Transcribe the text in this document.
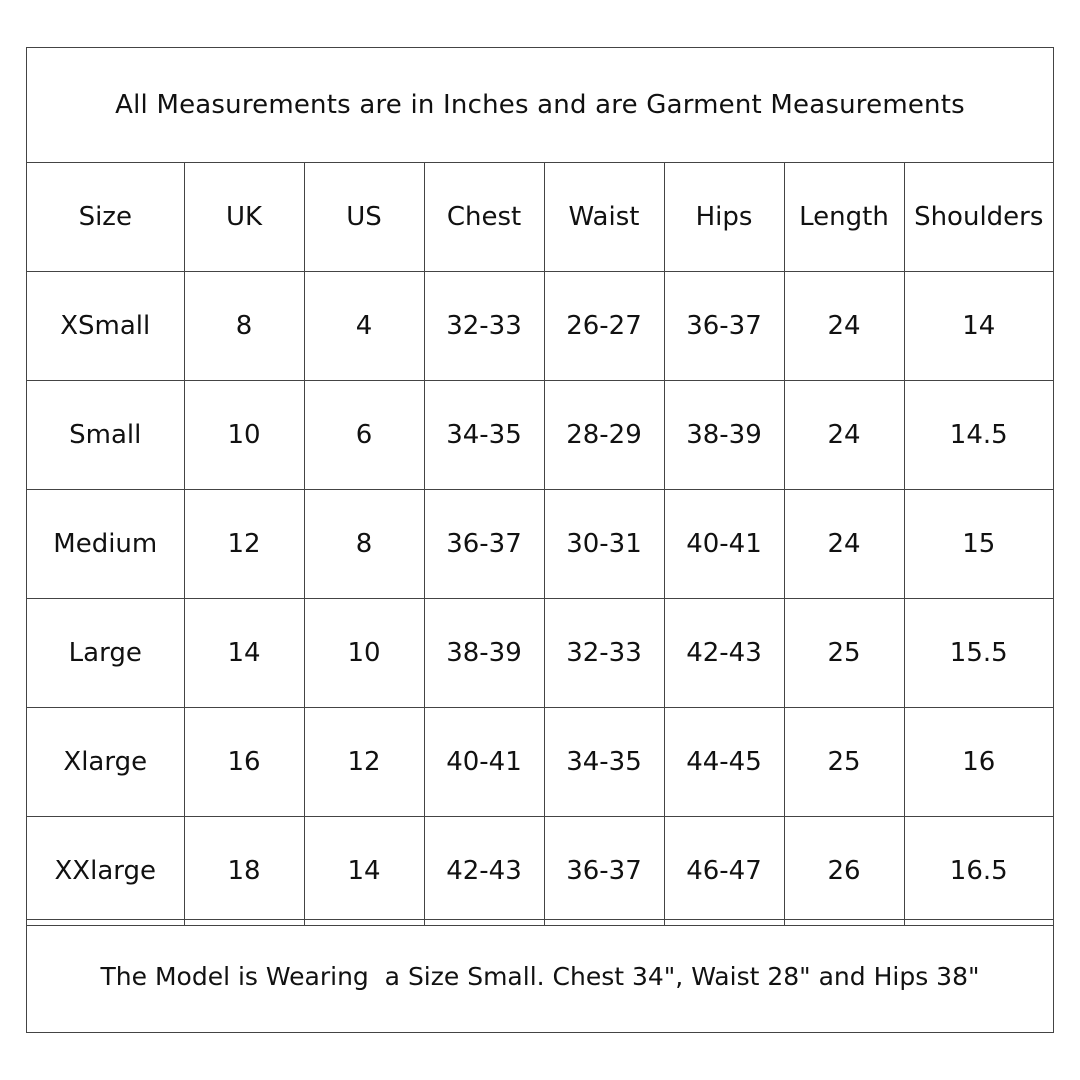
All Measurements are in Inches and are Garment Measurements
Size	UK	US	Chest	Waist	Hips	Length	Shoulders
XSmall	8	4	32-33	26-27	36-37	24	14
Small	10	6	34-35	28-29	38-39	24	14.5
Medium	12	8	36-37	30-31	40-41	24	15
Large	14	10	38-39	32-33	42-43	25	15.5
Xlarge	16	12	40-41	34-35	44-45	25	16
XXlarge	18	14	42-43	36-37	46-47	26	16.5
The Model is Wearing  a Size Small. Chest 34", Waist 28" and Hips 38"
